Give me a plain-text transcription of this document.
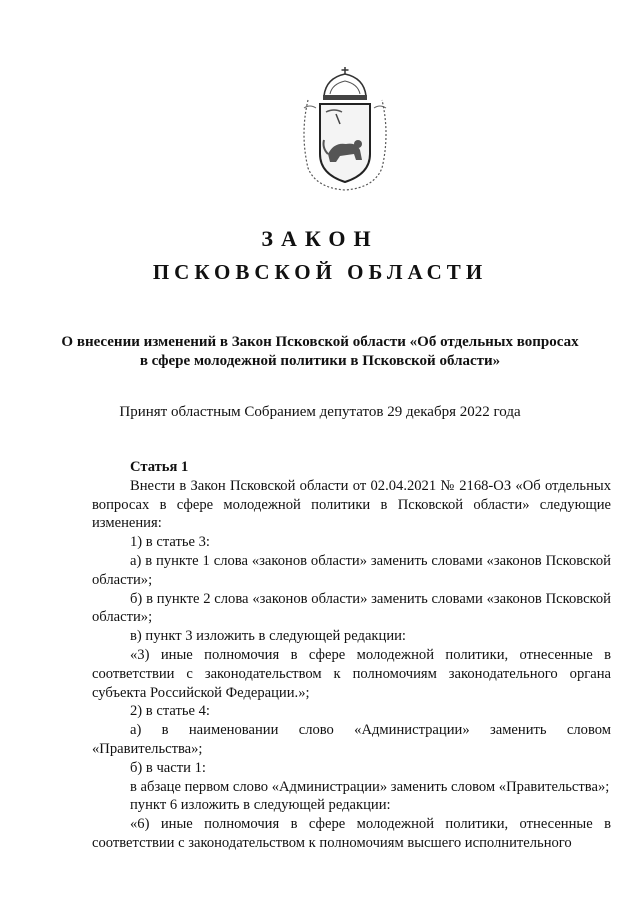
ЗАКОН
ПСКОВСКОЙ ОБЛАСТИ
О внесении изменений в Закон Псковской области «Об отдельных вопросах в сфере молодежной политики в Псковской области»
Принят областным Собранием депутатов 29 декабря 2022 года

Статья 1

Внести в Закон Псковской области от 02.04.2021 № 2168-ОЗ «Об отдельных вопросах в сфере молодежной политики в Псковской области» следующие изменения:

1) в статье 3:

а) в пункте 1 слова «законов области» заменить словами «законов Псковской области»;

б) в пункте 2 слова «законов области» заменить словами «законов Псковской области»;

в) пункт 3 изложить в следующей редакции:

«3) иные полномочия в сфере молодежной политики, отнесенные в соответствии с законодательством к полномочиям законодательного органа субъекта Российской Федерации.»;

2) в статье 4:

а) в наименовании слово «Администрации» заменить словом «Правительства»;

б) в части 1:

в абзаце первом слово «Администрации» заменить словом «Правительства»;

пункт 6 изложить в следующей редакции:

«6) иные полномочия в сфере молодежной политики, отнесенные в соответствии с законодательством к полномочиям высшего исполнительного
